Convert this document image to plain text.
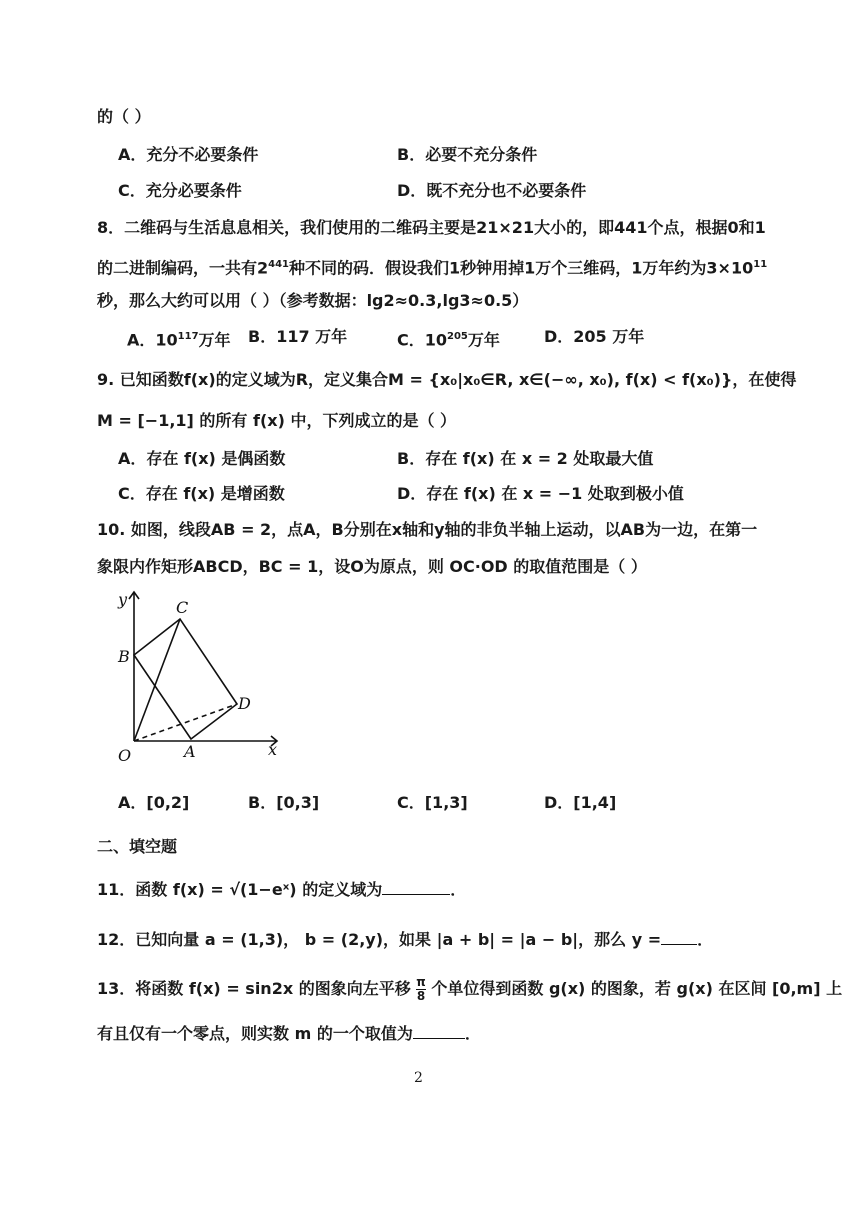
的（ ）
A．充分不必要条件	B．必要不充分条件
C．充分必要条件	D．既不充分也不必要条件
8．二维码与生活息息相关，我们使用的二维码主要是21×21大小的，即441个点，根据0和1
的二进制编码，一共有$2^{441}$种不同的码．假设我们1秒钟用掉1万个三维码，1万年约为$3\times 10^{11}$
秒，那么大约可以用（ ）（参考数据：lg2≈0.3,lg3≈0.5）
A．$10^{117}$万年 B．117 万年	C．$10^{205}$万年	D．205 万年
9. 已知函数f(x)的定义域为R，定义集合M = {x₀|x₀∈R, x∈(−∞, x₀), f(x) < f(x₀)}，在使得
M = [−1,1] 的所有 f(x) 中，下列成立的是（ ）
A．存在 f(x) 是偶函数	B．存在 f(x) 在 x = 2 处取最大值
C．存在 f(x) 是增函数	D．存在 f(x) 在 x = −1 处取到极小值
10. 如图，线段AB = 2，点A，B分别在x轴和y轴的非负半轴上运动，以AB为一边，在第一
象限内作矩形ABCD，BC = 1，设O为原点，则 OC·OD 的取值范围是（ ）
y
x
O	A
B
C
D
A．[0,2]	B．[0,3]	C．[1,3]	D．[1,4]
二、填空题
11．函数 f(x) = √(1−eˣ) 的定义域为	．
12．已知向量 a = (1,3)， b = (2,y)，如果 |a + b| = |a − b|，那么 y = ．
13．将函数 f(x) = sin2x 的图象向左平移 $\frac{\pi}{8}$ 个单位得到函数 g(x) 的图象，若 g(x) 在区间 [0,m] 上
有且仅有一个零点，则实数 m 的一个取值为	．
2
